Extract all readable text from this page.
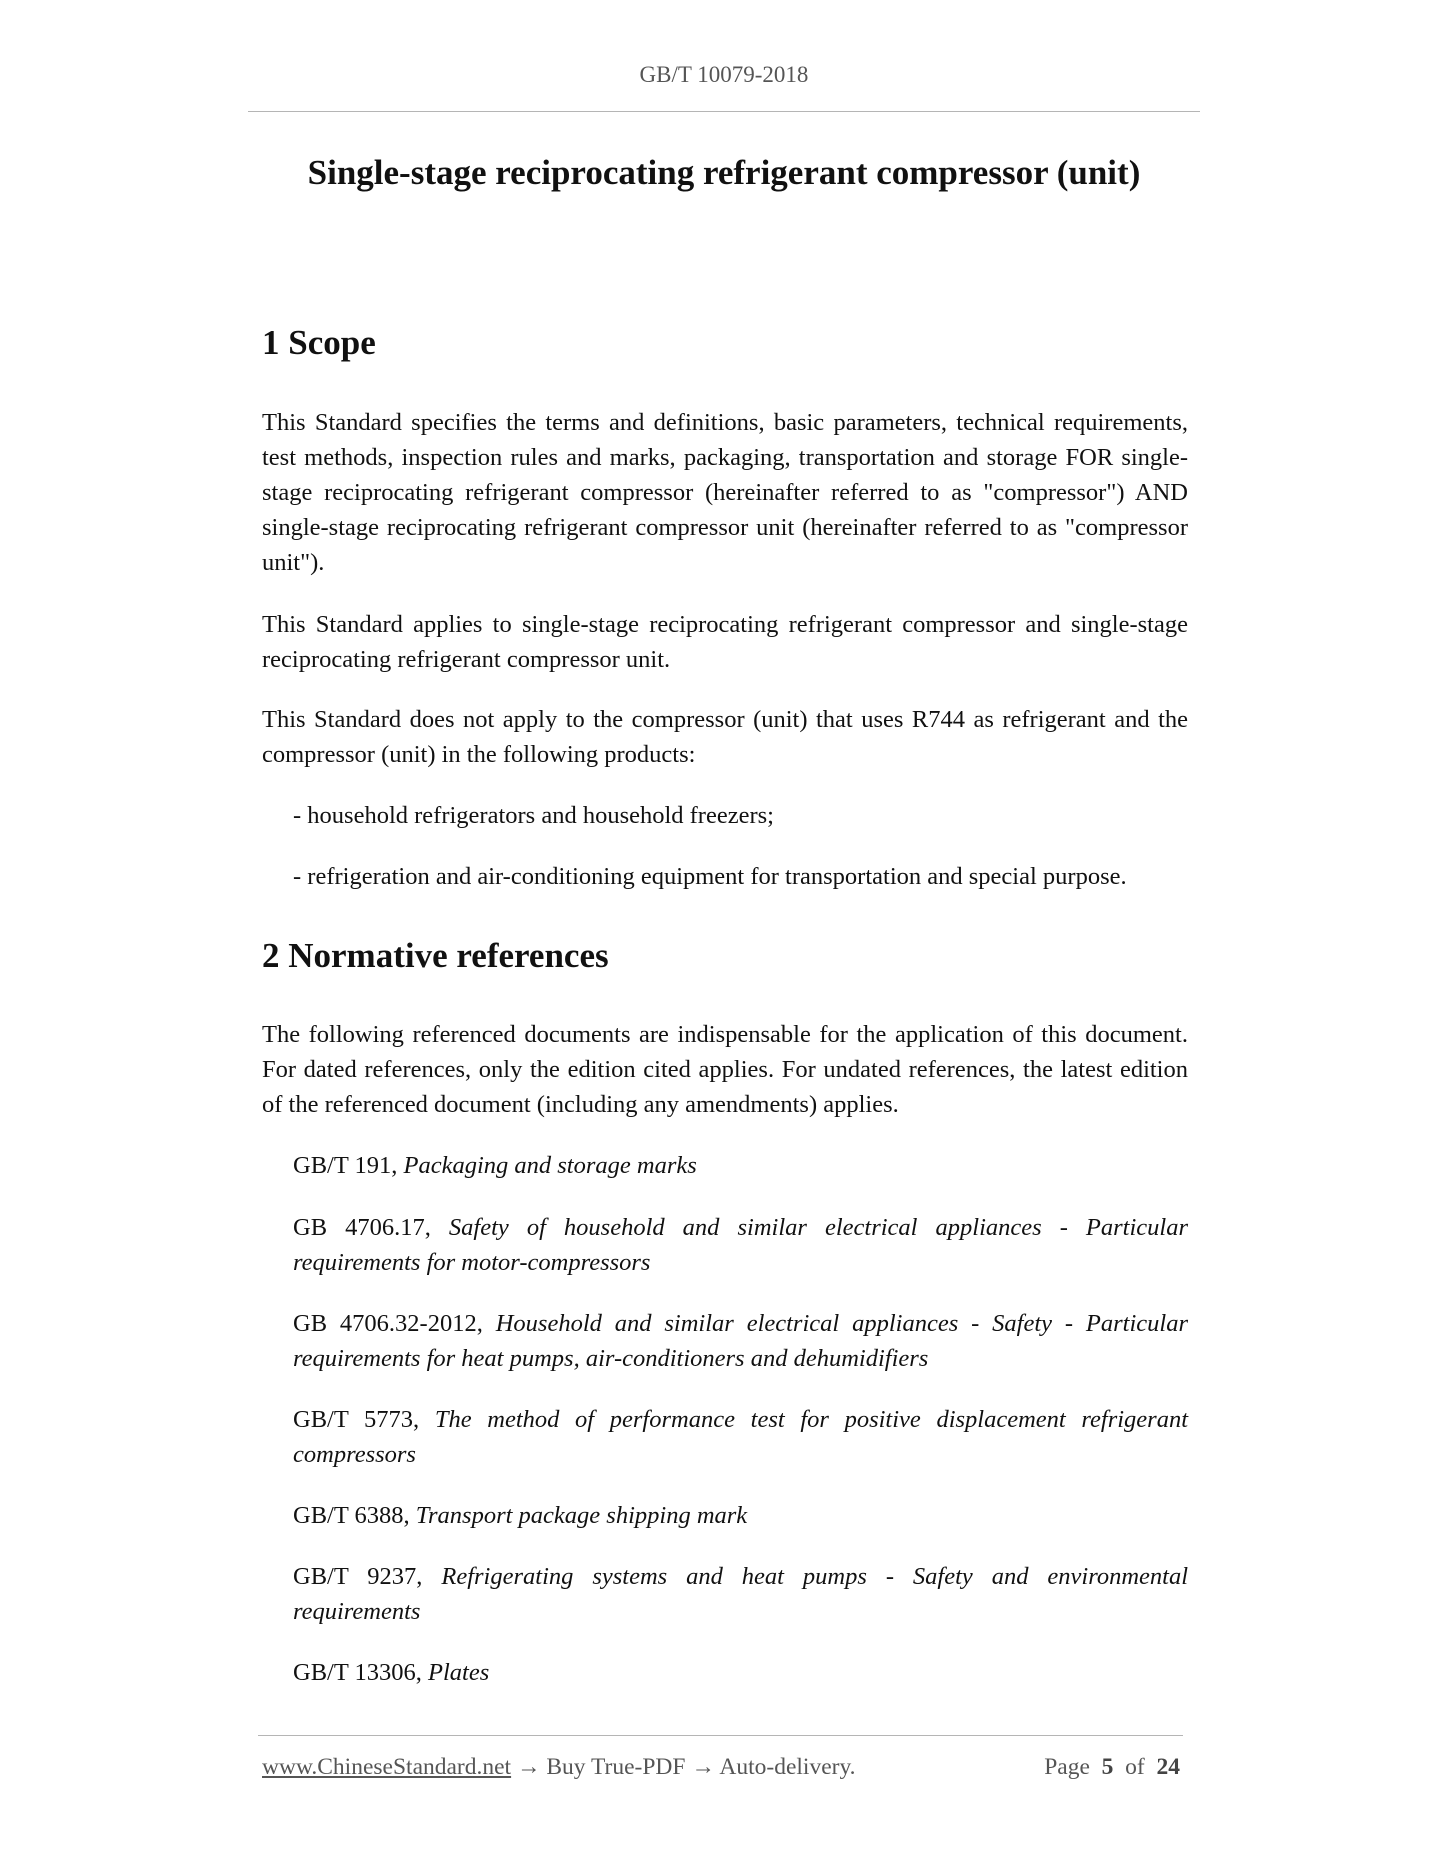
GB/T 10079-2018
Single-stage reciprocating refrigerant compressor (unit)
1 Scope

This Standard specifies the terms and definitions, basic parameters, technical requirements, test methods, inspection rules and marks, packaging, transportation and storage FOR single-stage reciprocating refrigerant compressor (hereinafter referred to as "compressor") AND single-stage reciprocating refrigerant compressor unit (hereinafter referred to as "compressor unit").

This Standard applies to single-stage reciprocating refrigerant compressor and single-stage reciprocating refrigerant compressor unit.

This Standard does not apply to the compressor (unit) that uses R744 as refrigerant and the compressor (unit) in the following products:

- household refrigerators and household freezers;

- refrigeration and air-conditioning equipment for transportation and special purpose.

2 Normative references

The following referenced documents are indispensable for the application of this document. For dated references, only the edition cited applies. For undated references, the latest edition of the referenced document (including any amendments) applies.

GB/T 191, Packaging and storage marks

GB 4706.17, Safety of household and similar electrical appliances - Particular requirements for motor-compressors

GB 4706.32-2012, Household and similar electrical appliances - Safety - Particular requirements for heat pumps, air-conditioners and dehumidifiers

GB/T 5773, The method of performance test for positive displacement refrigerant compressors

GB/T 6388, Transport package shipping mark

GB/T 9237, Refrigerating systems and heat pumps - Safety and environmental requirements

GB/T 13306, Plates

www.ChineseStandard.net → Buy True-PDF → Auto-delivery.	Page 5 of 24
